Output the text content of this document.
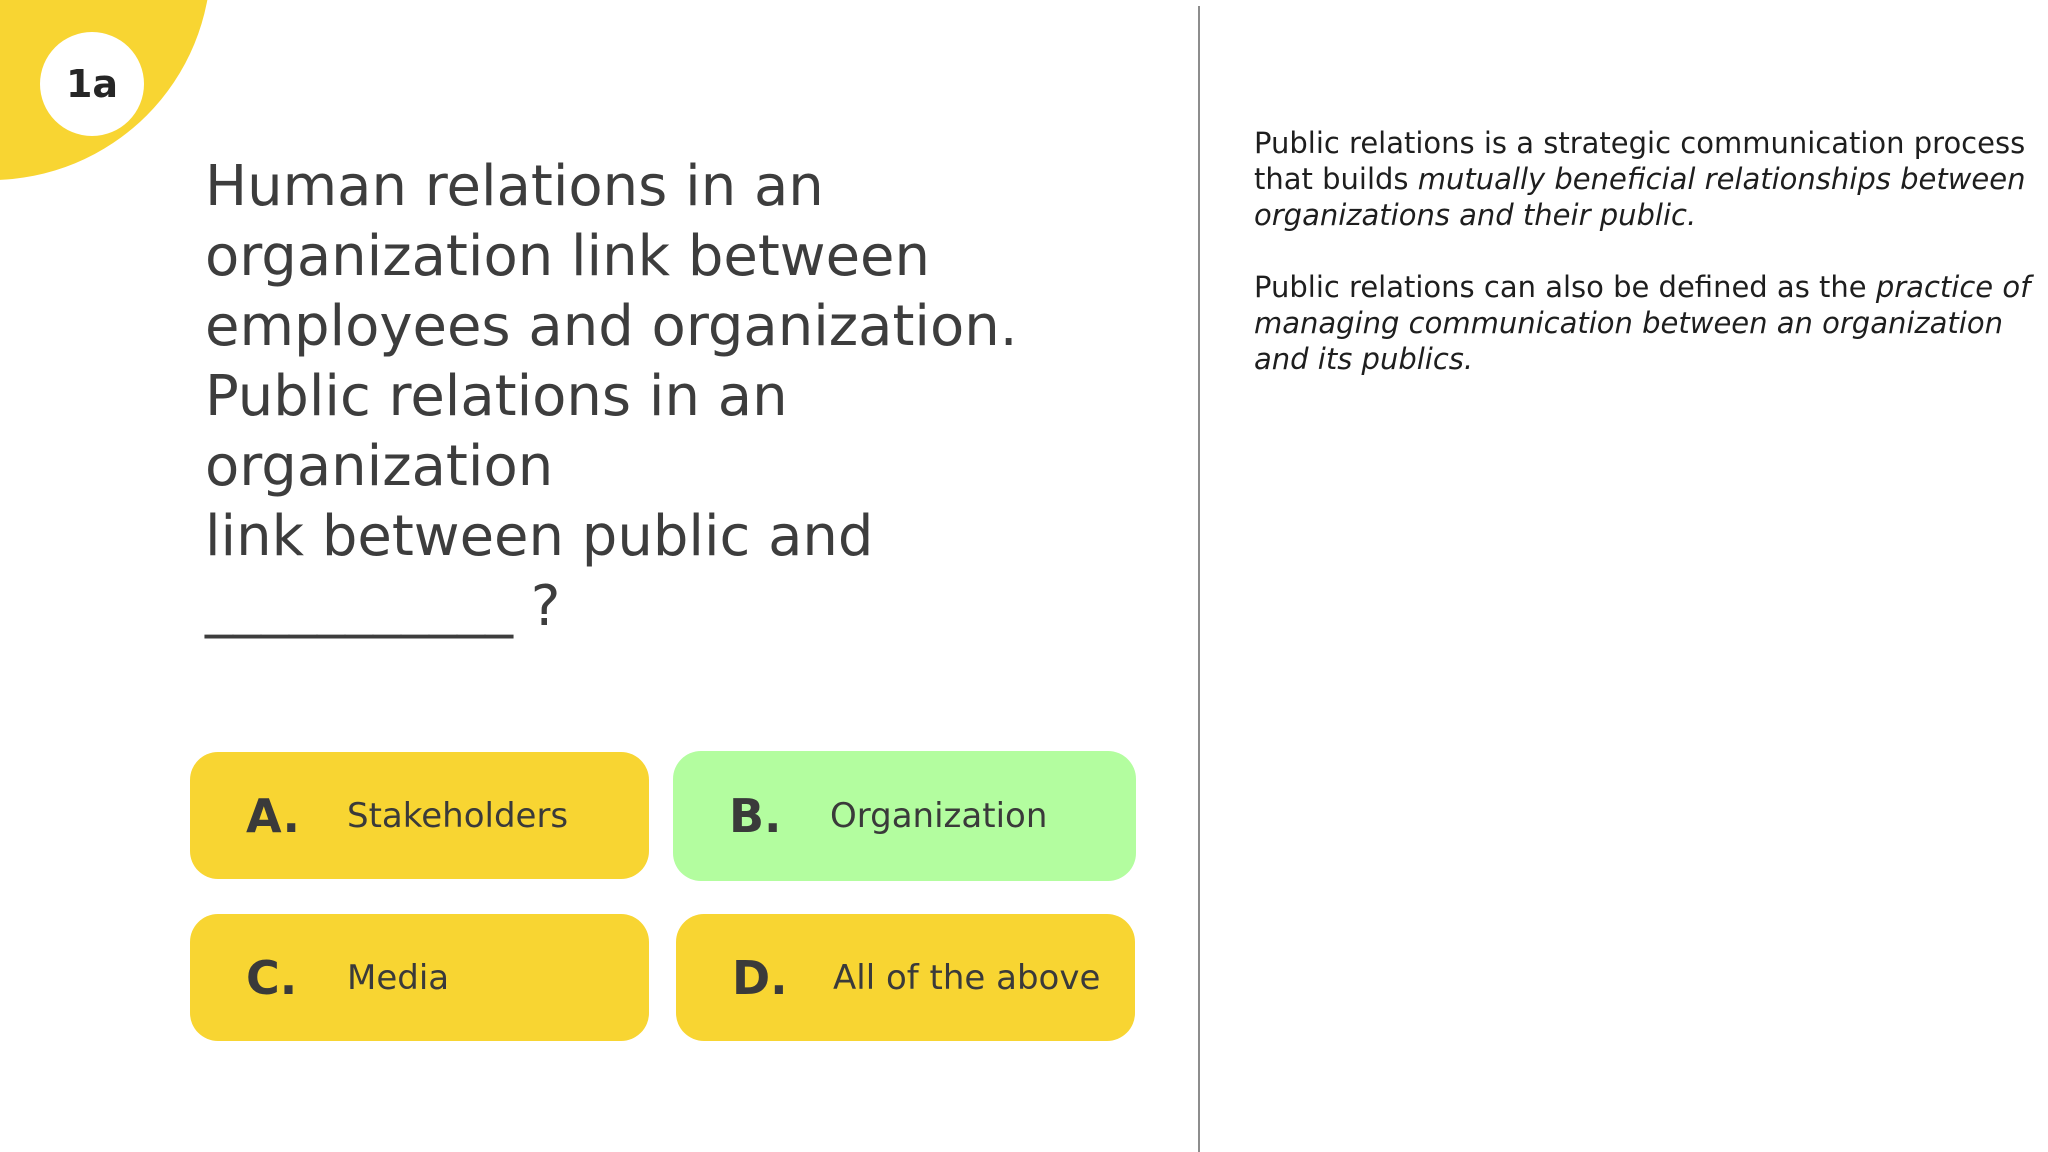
1a
Human relations in an
organization link between
employees and organization.
Public relations in an organization
link between public and
___________ ?
A. Stakeholders	B. Organization
C. Media	D. All of the above

Public relations is a strategic communication process that builds mutually beneficial relationships between organizations and their public.

Public relations can also be defined as the practice of managing communication between an organization and its publics.
